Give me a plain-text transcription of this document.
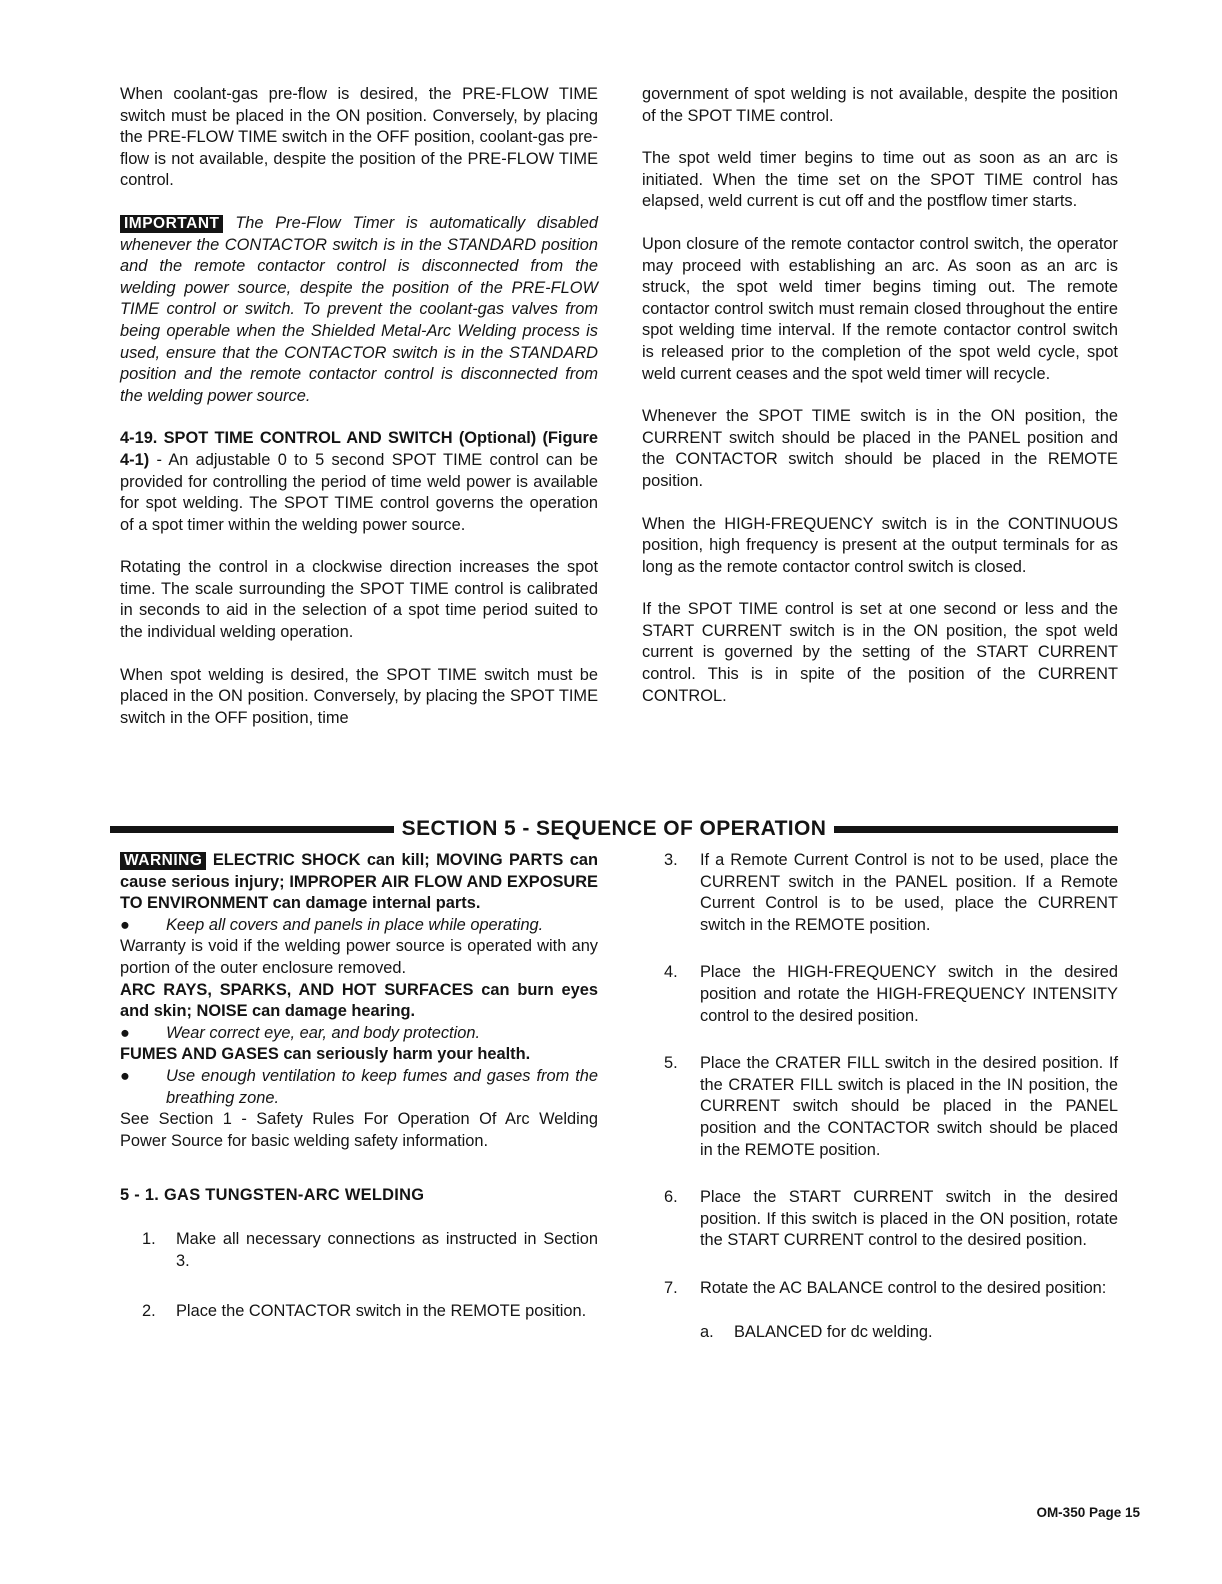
When coolant-gas pre-flow is desired, the PRE-FLOW TIME switch must be placed in the ON position. Conversely, by placing the PRE-FLOW TIME switch in the OFF position, coolant-gas pre-flow is not available, despite the position of the PRE-FLOW TIME control.

IMPORTANT The Pre-Flow Timer is automatically disabled whenever the CONTACTOR switch is in the STANDARD position and the remote contactor control is disconnected from the welding power source, despite the position of the PRE-FLOW TIME control or switch. To prevent the coolant-gas valves from being operable when the Shielded Metal-Arc Welding process is used, ensure that the CONTACTOR switch is in the STANDARD position and the remote contactor control is disconnected from the welding power source.

4-19. SPOT TIME CONTROL AND SWITCH (Optional) (Figure 4-1) - An adjustable 0 to 5 second SPOT TIME control can be provided for controlling the period of time weld power is available for spot welding. The SPOT TIME control governs the operation of a spot timer within the welding power source.

Rotating the control in a clockwise direction increases the spot time. The scale surrounding the SPOT TIME control is calibrated in seconds to aid in the selection of a spot time period suited to the individual welding operation.

When spot welding is desired, the SPOT TIME switch must be placed in the ON position. Conversely, by placing the SPOT TIME switch in the OFF position, time

government of spot welding is not available, despite the position of the SPOT TIME control.

The spot weld timer begins to time out as soon as an arc is initiated. When the time set on the SPOT TIME control has elapsed, weld current is cut off and the postflow timer starts.

Upon closure of the remote contactor control switch, the operator may proceed with establishing an arc. As soon as an arc is struck, the spot weld timer begins timing out. The remote contactor control switch must remain closed throughout the entire spot welding time interval. If the remote contactor control switch is released prior to the completion of the spot weld cycle, spot weld current ceases and the spot weld timer will recycle.

Whenever the SPOT TIME switch is in the ON position, the CURRENT switch should be placed in the PANEL position and the CONTACTOR switch should be placed in the REMOTE position.

When the HIGH-FREQUENCY switch is in the CONTINUOUS position, high frequency is present at the output terminals for as long as the remote contactor control switch is closed.

If the SPOT TIME control is set at one second or less and the START CURRENT switch is in the ON position, the spot weld current is governed by the setting of the START CURRENT control. This is in spite of the position of the CURRENT CONTROL.

SECTION 5 - SEQUENCE OF OPERATION

WARNING ELECTRIC SHOCK can kill; MOVING PARTS can cause serious injury; IMPROPER AIR FLOW AND EXPOSURE TO ENVIRONMENT can damage internal parts.

●	Keep all covers and panels in place while operating.

Warranty is void if the welding power source is operated with any portion of the outer enclosure removed.

ARC RAYS, SPARKS, AND HOT SURFACES can burn eyes and skin; NOISE can damage hearing.

●	Wear correct eye, ear, and body protection.

FUMES AND GASES can seriously harm your health.

●	Use enough ventilation to keep fumes and gases from the breathing zone.

See Section 1 - Safety Rules For Operation Of Arc Welding Power Source for basic welding safety information.

5 - 1. GAS TUNGSTEN-ARC WELDING
1.	Make all necessary connections as instructed in Section 3.
2.	Place the CONTACTOR switch in the REMOTE position.
3.	If a Remote Current Control is not to be used, place the CURRENT switch in the PANEL position. If a Remote Current Control is to be used, place the CURRENT switch in the REMOTE position.
4.	Place the HIGH-FREQUENCY switch in the desired position and rotate the HIGH-FREQUENCY INTENSITY control to the desired position.
5.	Place the CRATER FILL switch in the desired position. If the CRATER FILL switch is placed in the IN position, the CURRENT switch should be placed in the PANEL position and the CONTACTOR switch should be placed in the REMOTE position.
6.	Place the START CURRENT switch in the desired position. If this switch is placed in the ON position, rotate the START CURRENT control to the desired position.
7.	Rotate the AC BALANCE control to the desired position:
a.	BALANCED for dc welding.
OM-350 Page 15
